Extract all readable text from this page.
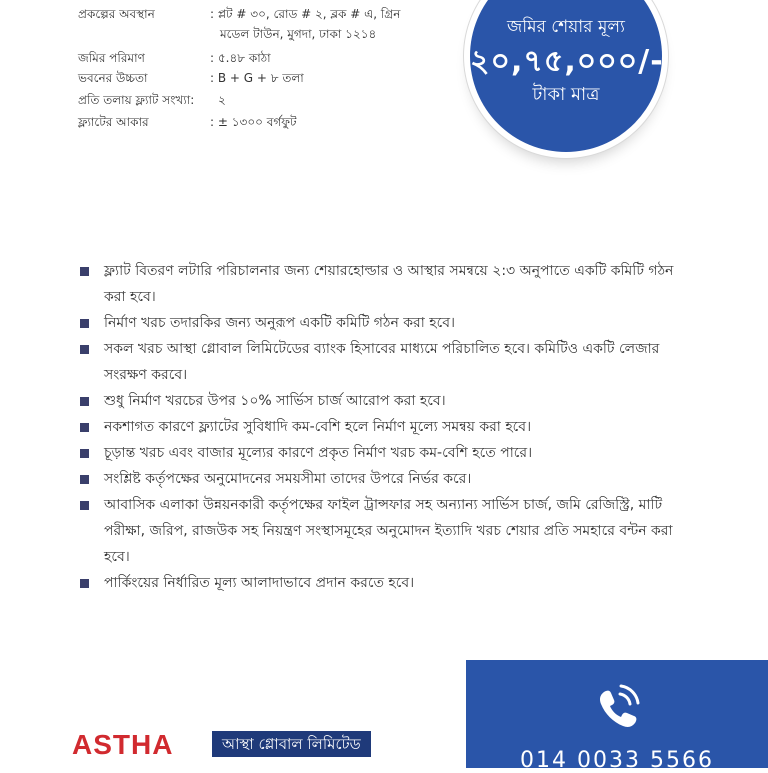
প্রকল্পের অবস্থান	: প্লট # ৩০, রোড # ২, ব্লক # এ, গ্রিন
মডেল টাউন, মুগদা, ঢাকা ১২১৪
জমির পরিমাণ	: ৫.৪৮ কাঠা
ভবনের উচ্চতা	: B + G + ৮ তলা
প্রতি তলায় ফ্ল্যাট সংখ্যা: ২
ফ্ল্যাটের আকার	: ± ১৩০০ বর্গফুট
জমির শেয়ার মূল্য
২০,৭৫,০০০/-
টাকা মাত্র
ফ্ল্যাট বিতরণ লটারি পরিচালনার জন্য শেয়ারহোল্ডার ও আস্থার সমন্বয়ে ২:৩ অনুপাতে একটি কমিটি গঠন করা হবে।
নির্মাণ খরচ তদারকির জন্য অনুরূপ একটি কমিটি গঠন করা হবে।
সকল খরচ আস্থা গ্লোবাল লিমিটেডের ব্যাংক হিসাবের মাধ্যমে পরিচালিত হবে। কমিটিও একটি লেজার সংরক্ষণ করবে।
শুধু নির্মাণ খরচের উপর ১০% সার্ভিস চার্জ আরোপ করা হবে।
নকশাগত কারণে ফ্ল্যাটের সুবিধাদি কম-বেশি হলে নির্মাণ মূল্যে সমন্বয় করা হবে।
চূড়ান্ত খরচ এবং বাজার মূল্যের কারণে প্রকৃত নির্মাণ খরচ কম-বেশি হতে পারে।
সংশ্লিষ্ট কর্তৃপক্ষের অনুমোদনের সময়সীমা তাদের উপরে নির্ভর করে।
আবাসিক এলাকা উন্নয়নকারী কর্তৃপক্ষের ফাইল ট্রান্সফার সহ অন্যান্য সার্ভিস চার্জ, জমি রেজিস্ট্রি, মাটি পরীক্ষা, জরিপ, রাজউক সহ নিয়ন্ত্রণ সংস্থাসমূহের অনুমোদন ইত্যাদি খরচ শেয়ার প্রতি সমহারে বন্টন করা হবে।
পার্কিংয়ের নির্ধারিত মূল্য আলাদাভাবে প্রদান করতে হবে।
ASTHA	আস্থা গ্লোবাল লিমিটেড
014 0033 5566
